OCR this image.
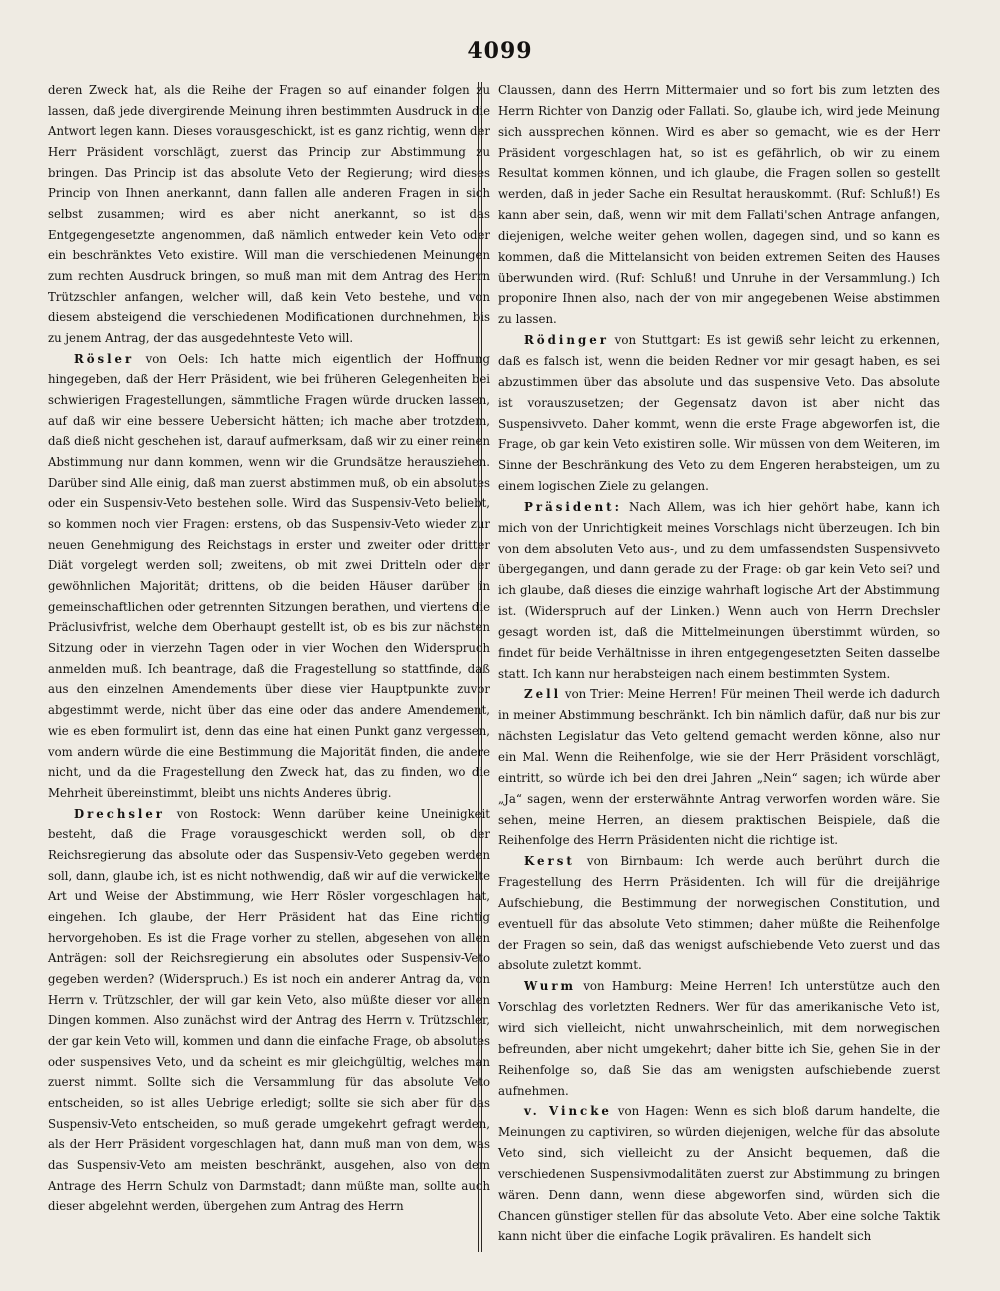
4099

deren Zweck hat, als die Reihe der Fragen so auf einander folgen zu lassen, daß jede divergirende Meinung ihren bestimmten Ausdruck in die Antwort legen kann. Dieses vorausgeschickt, ist es ganz richtig, wenn der Herr Präsident vorschlägt, zuerst das Princip zur Abstimmung zu bringen. Das Princip ist das absolute Veto der Regierung; wird dieses Princip von Ihnen anerkannt, dann fallen alle anderen Fragen in sich selbst zusammen; wird es aber nicht anerkannt, so ist das Entgegengesetzte angenommen, daß nämlich entweder kein Veto oder ein beschränktes Veto existire. Will man die verschiedenen Meinungen zum rechten Ausdruck bringen, so muß man mit dem Antrag des Herrn Trützschler anfangen, welcher will, daß kein Veto bestehe, und von diesem absteigend die verschiedenen Modificationen durchnehmen, bis zu jenem Antrag, der das ausgedehnteste Veto will.

Rösler von Oels: Ich hatte mich eigentlich der Hoffnung hingegeben, daß der Herr Präsident, wie bei früheren Gelegenheiten bei schwierigen Fragestellungen, sämmtliche Fragen würde drucken lassen, auf daß wir eine bessere Uebersicht hätten; ich mache aber trotzdem, daß dieß nicht geschehen ist, darauf aufmerksam, daß wir zu einer reinen Abstimmung nur dann kommen, wenn wir die Grundsätze herausziehen. Darüber sind Alle einig, daß man zuerst abstimmen muß, ob ein absolutes oder ein Suspensiv-Veto bestehen solle. Wird das Suspensiv-Veto beliebt, so kommen noch vier Fragen: erstens, ob das Suspensiv-Veto wieder zur neuen Genehmigung des Reichstags in erster und zweiter oder dritter Diät vorgelegt werden soll; zweitens, ob mit zwei Dritteln oder der gewöhnlichen Majorität; drittens, ob die beiden Häuser darüber in gemeinschaftlichen oder getrennten Sitzungen berathen, und viertens die Präclusivfrist, welche dem Oberhaupt gestellt ist, ob es bis zur nächsten Sitzung oder in vierzehn Tagen oder in vier Wochen den Widerspruch anmelden muß. Ich beantrage, daß die Fragestellung so stattfinde, daß aus den einzelnen Amendements über diese vier Hauptpunkte zuvor abgestimmt werde, nicht über das eine oder das andere Amendement, wie es eben formulirt ist, denn das eine hat einen Punkt ganz vergessen, vom andern würde die eine Bestimmung die Majorität finden, die andere nicht, und da die Fragestellung den Zweck hat, das zu finden, wo die Mehrheit übereinstimmt, bleibt uns nichts Anderes übrig.

Drechsler von Rostock: Wenn darüber keine Uneinigkeit besteht, daß die Frage vorausgeschickt werden soll, ob der Reichsregierung das absolute oder das Suspensiv-Veto gegeben werden soll, dann, glaube ich, ist es nicht nothwendig, daß wir auf die verwickelte Art und Weise der Abstimmung, wie Herr Rösler vorgeschlagen hat, eingehen. Ich glaube, der Herr Präsident hat das Eine richtig hervorgehoben. Es ist die Frage vorher zu stellen, abgesehen von allen Anträgen: soll der Reichsregierung ein absolutes oder Suspensiv-Veto gegeben werden? (Widerspruch.) Es ist noch ein anderer Antrag da, von Herrn v. Trützschler, der will gar kein Veto, also müßte dieser vor allen Dingen kommen. Also zunächst wird der Antrag des Herrn v. Trützschler, der gar kein Veto will, kommen und dann die einfache Frage, ob absolutes oder suspensives Veto, und da scheint es mir gleichgültig, welches man zuerst nimmt. Sollte sich die Versammlung für das absolute Veto entscheiden, so ist alles Uebrige erledigt; sollte sie sich aber für das Suspensiv-Veto entscheiden, so muß gerade umgekehrt gefragt werden, als der Herr Präsident vorgeschlagen hat, dann muß man von dem, was das Suspensiv-Veto am meisten beschränkt, ausgehen, also von dem Antrage des Herrn Schulz von Darmstadt; dann müßte man, sollte auch dieser abgelehnt werden, übergehen zum Antrag des Herrn

Claussen, dann des Herrn Mittermaier und so fort bis zum letzten des Herrn Richter von Danzig oder Fallati. So, glaube ich, wird jede Meinung sich aussprechen können. Wird es aber so gemacht, wie es der Herr Präsident vorgeschlagen hat, so ist es gefährlich, ob wir zu einem Resultat kommen können, und ich glaube, die Fragen sollen so gestellt werden, daß in jeder Sache ein Resultat herauskommt. (Ruf: Schluß!) Es kann aber sein, daß, wenn wir mit dem Fallati'schen Antrage anfangen, diejenigen, welche weiter gehen wollen, dagegen sind, und so kann es kommen, daß die Mittelansicht von beiden extremen Seiten des Hauses überwunden wird. (Ruf: Schluß! und Unruhe in der Versammlung.) Ich proponire Ihnen also, nach der von mir angegebenen Weise abstimmen zu lassen.

Rödinger von Stuttgart: Es ist gewiß sehr leicht zu erkennen, daß es falsch ist, wenn die beiden Redner vor mir gesagt haben, es sei abzustimmen über das absolute und das suspensive Veto. Das absolute ist vorauszusetzen; der Gegensatz davon ist aber nicht das Suspensivveto. Daher kommt, wenn die erste Frage abgeworfen ist, die Frage, ob gar kein Veto existiren solle. Wir müssen von dem Weiteren, im Sinne der Beschränkung des Veto zu dem Engeren herabsteigen, um zu einem logischen Ziele zu gelangen.

Präsident: Nach Allem, was ich hier gehört habe, kann ich mich von der Unrichtigkeit meines Vorschlags nicht überzeugen. Ich bin von dem absoluten Veto aus-, und zu dem umfassendsten Suspensivveto übergegangen, und dann gerade zu der Frage: ob gar kein Veto sei? und ich glaube, daß dieses die einzige wahrhaft logische Art der Abstimmung ist. (Widerspruch auf der Linken.) Wenn auch von Herrn Drechsler gesagt worden ist, daß die Mittelmeinungen überstimmt würden, so findet für beide Verhältnisse in ihren entgegengesetzten Seiten dasselbe statt. Ich kann nur herabsteigen nach einem bestimmten System.

Zell von Trier: Meine Herren! Für meinen Theil werde ich dadurch in meiner Abstimmung beschränkt. Ich bin nämlich dafür, daß nur bis zur nächsten Legislatur das Veto geltend gemacht werden könne, also nur ein Mal. Wenn die Reihenfolge, wie sie der Herr Präsident vorschlägt, eintritt, so würde ich bei den drei Jahren „Nein“ sagen; ich würde aber „Ja“ sagen, wenn der ersterwähnte Antrag verworfen worden wäre. Sie sehen, meine Herren, an diesem praktischen Beispiele, daß die Reihenfolge des Herrn Präsidenten nicht die richtige ist.

Kerst von Birnbaum: Ich werde auch berührt durch die Fragestellung des Herrn Präsidenten. Ich will für die dreijährige Aufschiebung, die Bestimmung der norwegischen Constitution, und eventuell für das absolute Veto stimmen; daher müßte die Reihenfolge der Fragen so sein, daß das wenigst aufschiebende Veto zuerst und das absolute zuletzt kommt.

Wurm von Hamburg: Meine Herren! Ich unterstütze auch den Vorschlag des vorletzten Redners. Wer für das amerikanische Veto ist, wird sich vielleicht, nicht unwahrscheinlich, mit dem norwegischen befreunden, aber nicht umgekehrt; daher bitte ich Sie, gehen Sie in der Reihenfolge so, daß Sie das am wenigsten aufschiebende zuerst aufnehmen.

v. Vincke von Hagen: Wenn es sich bloß darum handelte, die Meinungen zu captiviren, so würden diejenigen, welche für das absolute Veto sind, sich vielleicht zu der Ansicht bequemen, daß die verschiedenen Suspensivmodalitäten zuerst zur Abstimmung zu bringen wären. Denn dann, wenn diese abgeworfen sind, würden sich die Chancen günstiger stellen für das absolute Veto. Aber eine solche Taktik kann nicht über die einfache Logik prävaliren. Es handelt sich
